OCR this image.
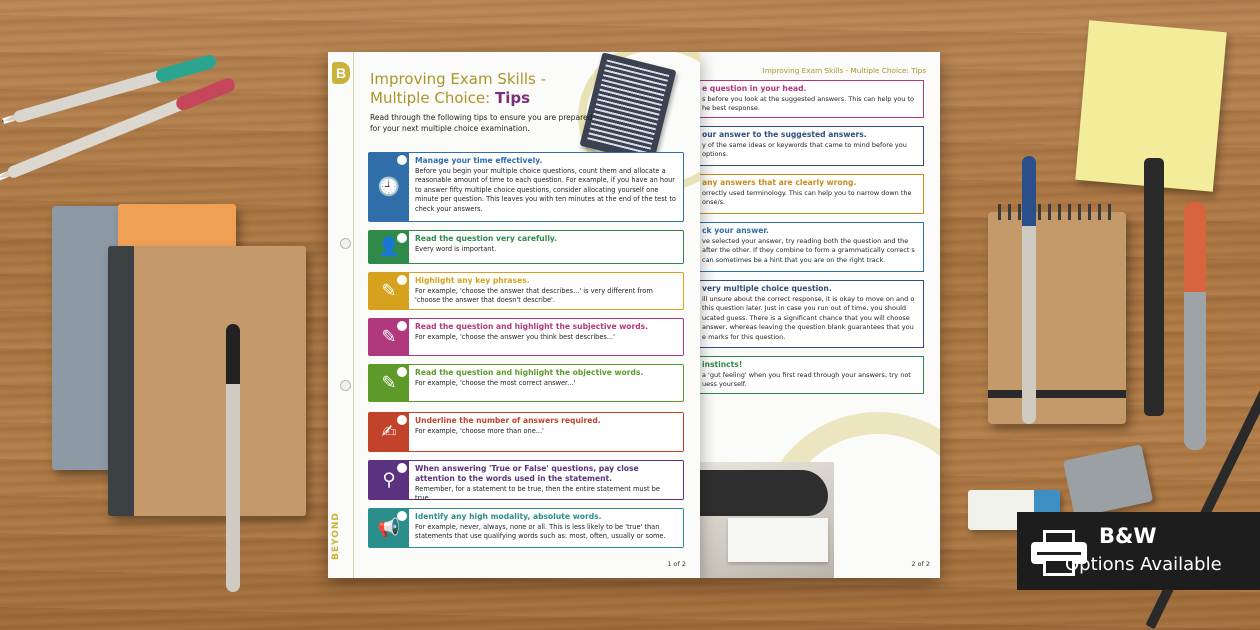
Improving Exam Skills - Multiple Choice: Tips
e question in your head.
s before you look at the suggested answers. This can help you to he best response.
our answer to the suggested answers.
y of the same ideas or keywords that came to mind before you options.
any answers that are clearly wrong.
orrectly used terminology. This can help you to narrow down the onse/s.
ck your answer.
ve selected your answer, try reading both the question and the after the other. If they combine to form a grammatically correct s can sometimes be a hint that you are on the right track.
very multiple choice question.
ill unsure about the correct response, it is okay to move on and o this question later. Just in case you run out of time, you should ucated guess. There is a significant chance that you will choose answer, whereas leaving the question blank guarantees that you e marks for this question.
instincts!
a 'gut feeling' when you first read through your answers, try not uess yourself.
2 of 2
B
BEYOND
Improving Exam Skills - Multiple Choice: Tips
Read through the following tips to ensure you are prepared for your next multiple choice examination.
🕘
Manage your time effectively.
Before you begin your multiple choice questions, count them and allocate a reasonable amount of time to each question. For example, if you have an hour to answer fifty multiple choice questions, consider allocating yourself one minute per question. This leaves you with ten minutes at the end of the test to check your answers.
👤 Read the question very carefully.
Every word is important.
✎ Highlight any key phrases.
For example, 'choose the answer that describes...' is very different from 'choose the answer that doesn't describe'.
✎ Read the question and highlight the subjective words.
For example, 'choose the answer you think best describes...'
✎ Read the question and highlight the objective words.
For example, 'choose the most correct answer...'
✍
Underline the number of answers required.
For example, 'choose more than one...'
⚲
When answering 'True or False' questions, pay close attention to the words used in the statement.
Remember, for a statement to be true, then the entire statement must be true.
📢
Identify any high modality, absolute words.
For example, never, always, none or all. This is less likely to be 'true' than statements that use qualifying words such as: most, often, usually or some.
1 of 2
B&W
Options Available
